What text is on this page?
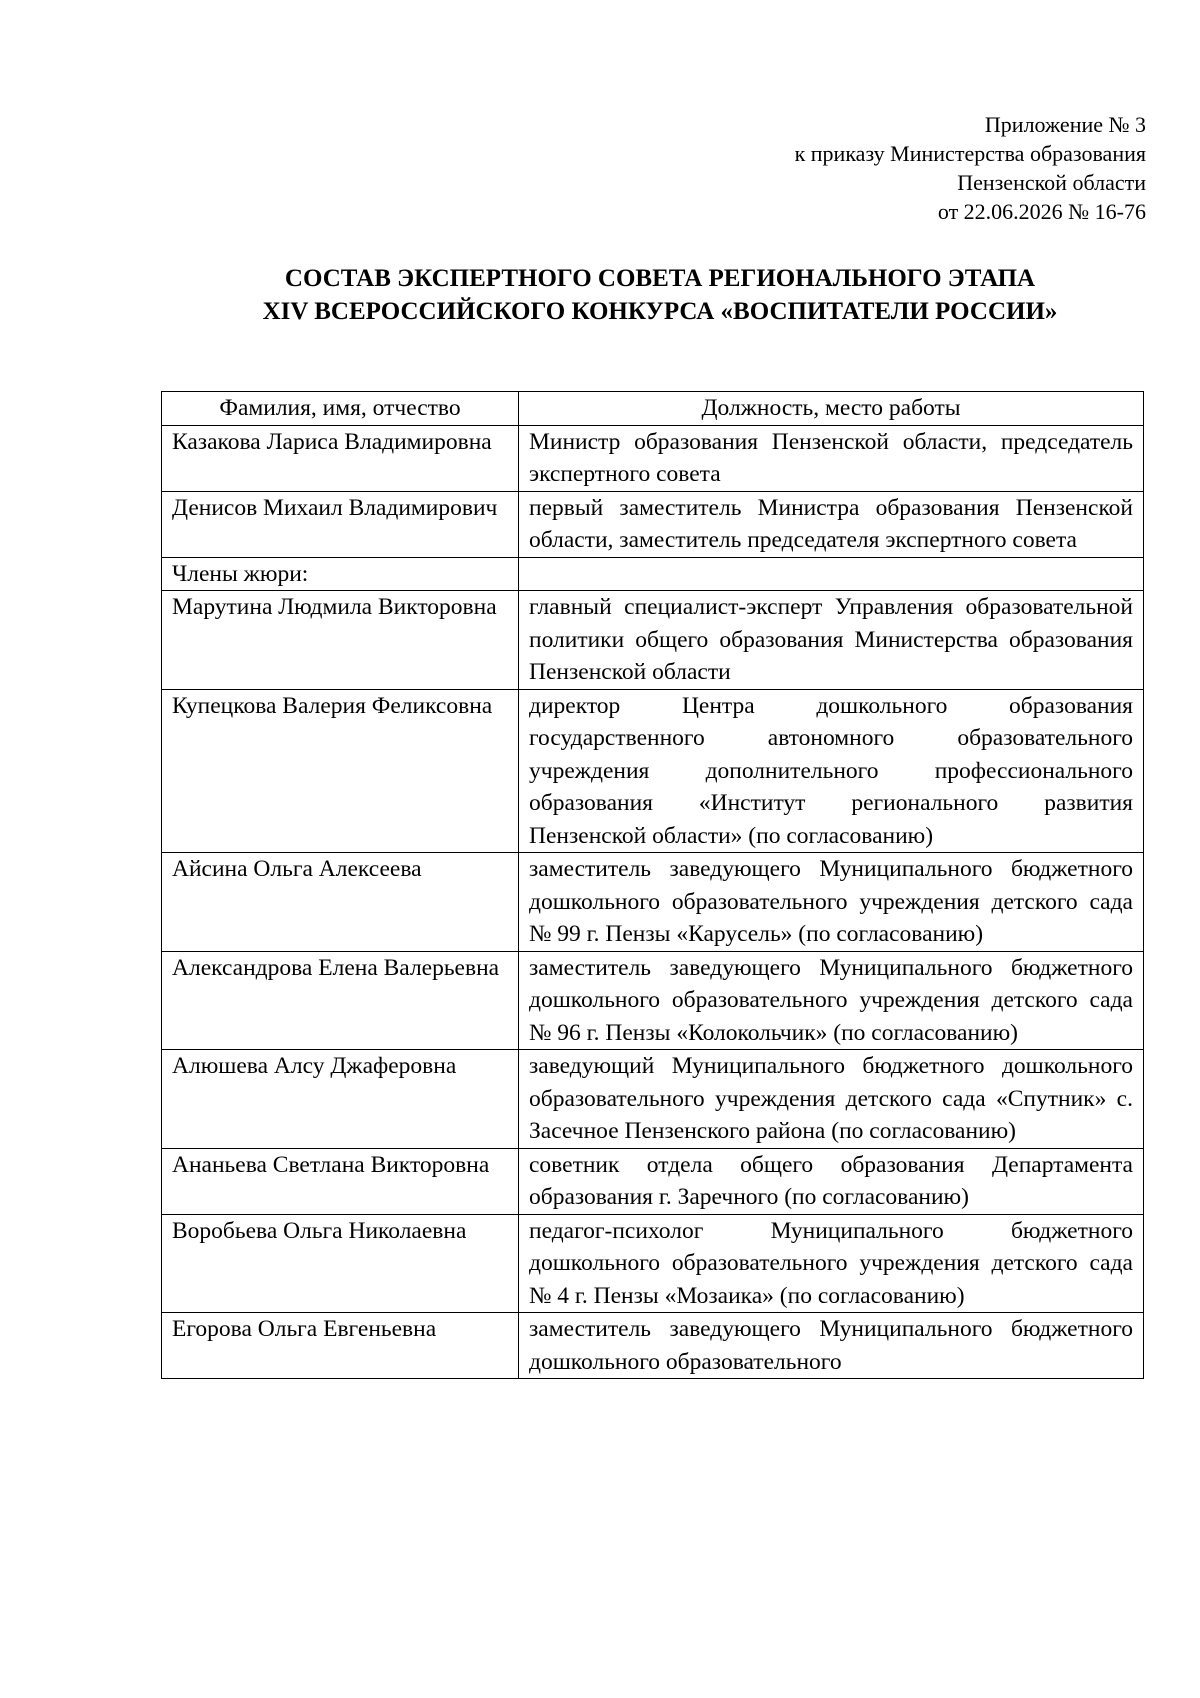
Приложение № 3
к приказу Министерства образования
Пензенской области
от 22.06.2026 № 16-76
СОСТАВ ЭКСПЕРТНОГО СОВЕТА РЕГИОНАЛЬНОГО ЭТАПА
XIV ВСЕРОССИЙСКОГО КОНКУРСА «ВОСПИТАТЕЛИ РОССИИ»
Фамилия, имя, отчество	Должность, место работы
Казакова Лариса Владимировна	Министр образования Пензенской области, председатель экспертного совета
Денисов Михаил Владимирович	первый заместитель Министра образования Пензенской области, заместитель председателя экспертного совета
Члены жюри:	
Марутина Людмила Викторовна	главный специалист-эксперт Управления образовательной политики общего образования Министерства образования Пензенской области
Купецкова Валерия Феликсовна	директор Центра дошкольного образования государственного автономного образовательного учреждения дополнительного профессионального образования «Институт регионального развития Пензенской области» (по согласованию)
Айсина Ольга Алексеева	заместитель заведующего Муниципального бюджетного дошкольного образовательного учреждения детского сада № 99 г. Пензы «Карусель» (по согласованию)
Александрова Елена Валерьевна	заместитель заведующего Муниципального бюджетного дошкольного образовательного учреждения детского сада № 96 г. Пензы «Колокольчик» (по согласованию)
Алюшева Алсу Джаферовна	заведующий Муниципального бюджетного дошкольного образовательного учреждения детского сада «Спутник» с. Засечное Пензенского района (по согласованию)
Ананьева Светлана Викторовна	советник отдела общего образования Департамента образования г. Заречного (по согласованию)
Воробьева Ольга Николаевна	педагог-психолог Муниципального бюджетного дошкольного образовательного учреждения детского сада № 4 г. Пензы «Мозаика» (по согласованию)
Егорова Ольга Евгеньевна	заместитель заведующего Муниципального бюджетного дошкольного образовательного
